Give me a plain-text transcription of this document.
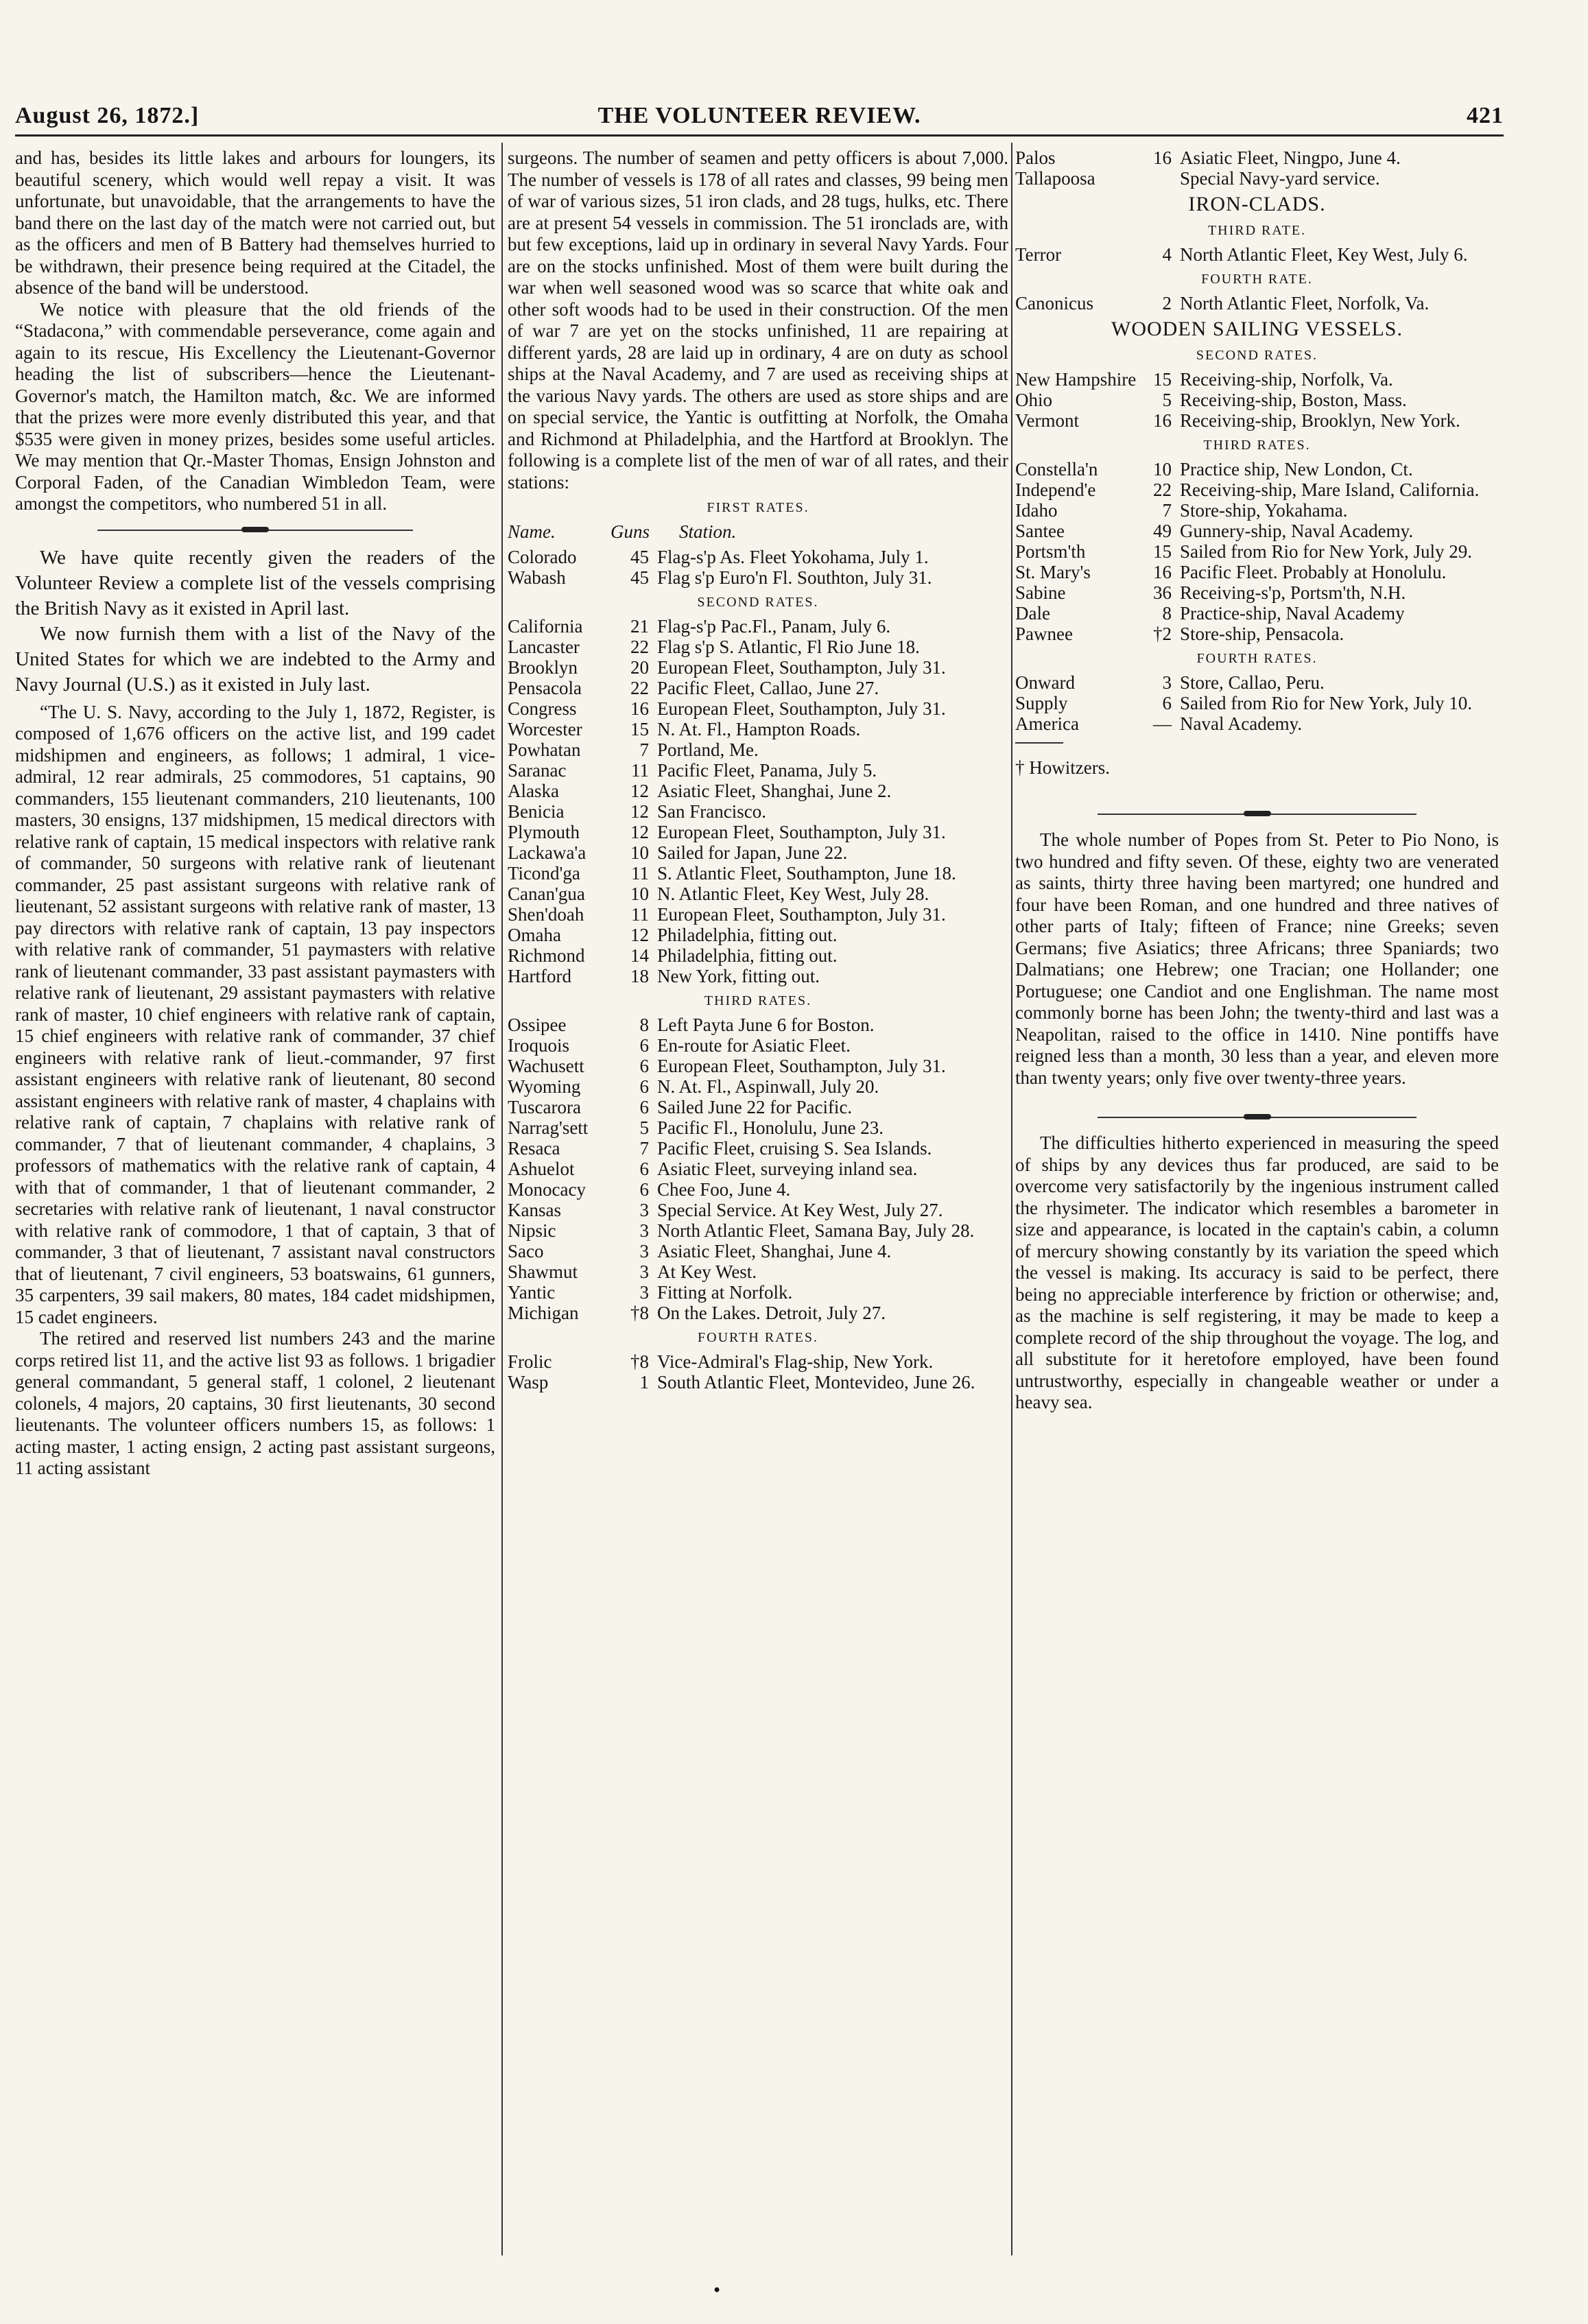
August 26, 1872.]	THE VOLUNTEER REVIEW.	421

and has, besides its little lakes and arbours for loungers, its beautiful scenery, which would well repay a visit. It was unfortunate, but unavoidable, that the arrangements to have the band there on the last day of the match were not carried out, but as the officers and men of B Battery had themselves hurried to be withdrawn, their presence being required at the Citadel, the absence of the band will be understood.

We notice with pleasure that the old friends of the “Stadacona,” with commendable perseverance, come again and again to its rescue, His Excellency the Lieutenant-Governor heading the list of subscribers—hence the Lieutenant-Governor's match, the Hamilton match, &c. We are informed that the prizes were more evenly distributed this year, and that $535 were given in money prizes, besides some useful articles. We may mention that Qr.-Master Thomas, Ensign Johnston and Corporal Faden, of the Canadian Wimbledon Team, were amongst the competitors, who numbered 51 in all.

We have quite recently given the readers of the Volunteer Review a complete list of the vessels comprising the British Navy as it existed in April last.

We now furnish them with a list of the Navy of the United States for which we are indebted to the Army and Navy Journal (U.S.) as it existed in July last.

“The U. S. Navy, according to the July 1, 1872, Register, is composed of 1,676 officers on the active list, and 199 cadet midshipmen and engineers, as follows; 1 admiral, 1 vice-admiral, 12 rear admirals, 25 commodores, 51 captains, 90 commanders, 155 lieutenant commanders, 210 lieutenants, 100 masters, 30 ensigns, 137 midshipmen, 15 medical directors with relative rank of captain, 15 medical inspectors with relative rank of commander, 50 surgeons with relative rank of lieutenant commander, 25 past assistant surgeons with relative rank of lieutenant, 52 assistant surgeons with relative rank of master, 13 pay directors with relative rank of captain, 13 pay inspectors with relative rank of commander, 51 paymasters with relative rank of lieutenant commander, 33 past assistant paymasters with relative rank of lieutenant, 29 assistant paymasters with relative rank of master, 10 chief engineers with relative rank of captain, 15 chief engineers with relative rank of commander, 37 chief engineers with relative rank of lieut.-commander, 97 first assistant engineers with relative rank of lieutenant, 80 second assistant engineers with relative rank of master, 4 chaplains with relative rank of captain, 7 chaplains with relative rank of commander, 7 that of lieutenant commander, 4 chaplains, 3 professors of mathematics with the relative rank of captain, 4 with that of commander, 1 that of lieutenant commander, 2 secretaries with relative rank of lieutenant, 1 naval constructor with relative rank of commodore, 1 that of captain, 3 that of commander, 3 that of lieutenant, 7 assistant naval constructors that of lieutenant, 7 civil engineers, 53 boatswains, 61 gunners, 35 carpenters, 39 sail makers, 80 mates, 184 cadet midshipmen, 15 cadet engineers.

The retired and reserved list numbers 243 and the marine corps retired list 11, and the active list 93 as follows. 1 brigadier general commandant, 5 general staff, 1 colonel, 2 lieutenant colonels, 4 majors, 20 captains, 30 first lieutenants, 30 second lieutenants. The volunteer officers numbers 15, as follows: 1 acting master, 1 acting ensign, 2 acting past assistant surgeons, 11 acting assistant

surgeons. The number of seamen and petty officers is about 7,000. The number of vessels is 178 of all rates and classes, 99 being men of war of various sizes, 51 iron clads, and 28 tugs, hulks, etc. There are at present 54 vessels in commission. The 51 ironclads are, with but few exceptions, laid up in ordinary in several Navy Yards. Four are on the stocks unfinished. Most of them were built during the war when well seasoned wood was so scarce that white oak and other soft woods had to be used in their construction. Of the men of war 7 are yet on the stocks unfinished, 11 are repairing at different yards, 28 are laid up in ordinary, 4 are on duty as school ships at the Naval Academy, and 7 are used as receiving ships at the various Navy yards. The others are used as store ships and are on special service, the Yantic is outfitting at Norfolk, the Omaha and Richmond at Philadelphia, and the Hartford at Brooklyn. The following is a complete list of the men of war of all rates, and their stations:

FIRST RATES.
Name.	Guns	Station.
Colorado	45 Flag-s'p As. Fleet Yokohama, July 1.
Wabash	45 Flag s'p Euro'n Fl. Southton, July 31.
SECOND RATES.
California	21 Flag-s'p Pac.Fl., Panam, July 6.
Lancaster	22 Flag s'p S. Atlantic, Fl Rio June 18.
Brooklyn	20 European Fleet, Southampton, July 31.
Pensacola	22 Pacific Fleet, Callao, June 27.
Congress	16 European Fleet, Southampton, July 31.
Worcester	15 N. At. Fl., Hampton Roads.
Powhatan	7 Portland, Me.
Saranac	11 Pacific Fleet, Panama, July 5.
Alaska	12 Asiatic Fleet, Shanghai, June 2.
Benicia	12 San Francisco.
Plymouth	12 European Fleet, Southampton, July 31.
Lackawa'a	10 Sailed for Japan, June 22.
Ticond'ga	11 S. Atlantic Fleet, Southampton, June 18.
Canan'gua	10 N. Atlantic Fleet, Key West, July 28.
Shen'doah	11 European Fleet, Southampton, July 31.
Omaha	12 Philadelphia, fitting out.
Richmond	14 Philadelphia, fitting out.
Hartford	18 New York, fitting out.
THIRD RATES.
Ossipee	8 Left Payta June 6 for Boston.
Iroquois	6 En-route for Asiatic Fleet.
Wachusett	6 European Fleet, Southampton, July 31.
Wyoming	6 N. At. Fl., Aspinwall, July 20.
Tuscarora	6 Sailed June 22 for Pacific.
Narrag'sett	5 Pacific Fl., Honolulu, June 23.
Resaca	7 Pacific Fleet, cruising S. Sea Islands.
Ashuelot	6 Asiatic Fleet, surveying inland sea.
Monocacy	6 Chee Foo, June 4.
Kansas	3 Special Service. At Key West, July 27.
Nipsic	3 North Atlantic Fleet, Samana Bay, July 28.
Saco	3 Asiatic Fleet, Shanghai, June 4.
Shawmut	3 At Key West.
Yantic	3 Fitting at Norfolk.
Michigan	†8 On the Lakes. Detroit, July 27.
FOURTH RATES.
Frolic	†8 Vice-Admiral's Flag-ship, New York.
Wasp	1 South Atlantic Fleet, Montevideo, June 26.
Palos	16 Asiatic Fleet, Ningpo, June 4.
Tallapoosa	Special Navy-yard service.
IRON-CLADS.
THIRD RATE.
Terror	4 North Atlantic Fleet, Key West, July 6.
FOURTH RATE.
Canonicus	2 North Atlantic Fleet, Norfolk, Va.
WOODEN SAILING VESSELS.
SECOND RATES.
New Hampshire 15 Receiving-ship, Norfolk, Va.
Ohio	5 Receiving-ship, Boston, Mass.
Vermont	16 Receiving-ship, Brooklyn, New York.
THIRD RATES.
Constella'n	10 Practice ship, New London, Ct.
Independ'e	22 Receiving-ship, Mare Island, California.
Idaho	7 Store-ship, Yokahama.
Santee	49 Gunnery-ship, Naval Academy.
Portsm'th	15 Sailed from Rio for New York, July 29.
St. Mary's	16 Pacific Fleet. Probably at Honolulu.
Sabine	36 Receiving-s'p, Portsm'th, N.H.
Dale	8 Practice-ship, Naval Academy
Pawnee	†2 Store-ship, Pensacola.
FOURTH RATES.
Onward	3 Store, Callao, Peru.
Supply	6 Sailed from Rio for New York, July 10.
America	— Naval Academy.
† Howitzers.

The whole number of Popes from St. Peter to Pio Nono, is two hundred and fifty seven. Of these, eighty two are venerated as saints, thirty three having been martyred; one hundred and four have been Roman, and one hundred and three natives of other parts of Italy; fifteen of France; nine Greeks; seven Germans; five Asiatics; three Africans; three Spaniards; two Dalmatians; one Hebrew; one Tracian; one Hollander; one Portuguese; one Candiot and one Englishman. The name most commonly borne has been John; the twenty-third and last was a Neapolitan, raised to the office in 1410. Nine pontiffs have reigned less than a month, 30 less than a year, and eleven more than twenty years; only five over twenty-three years.

The difficulties hitherto experienced in measuring the speed of ships by any devices thus far produced, are said to be overcome very satisfactorily by the ingenious instrument called the rhysimeter. The indicator which resembles a barometer in size and appearance, is located in the captain's cabin, a column of mercury showing constantly by its variation the speed which the vessel is making. Its accuracy is said to be perfect, there being no appreciable interference by friction or otherwise; and, as the machine is self registering, it may be made to keep a complete record of the ship throughout the voyage. The log, and all substitute for it heretofore employed, have been found untrustworthy, especially in changeable weather or under a heavy sea.

•
